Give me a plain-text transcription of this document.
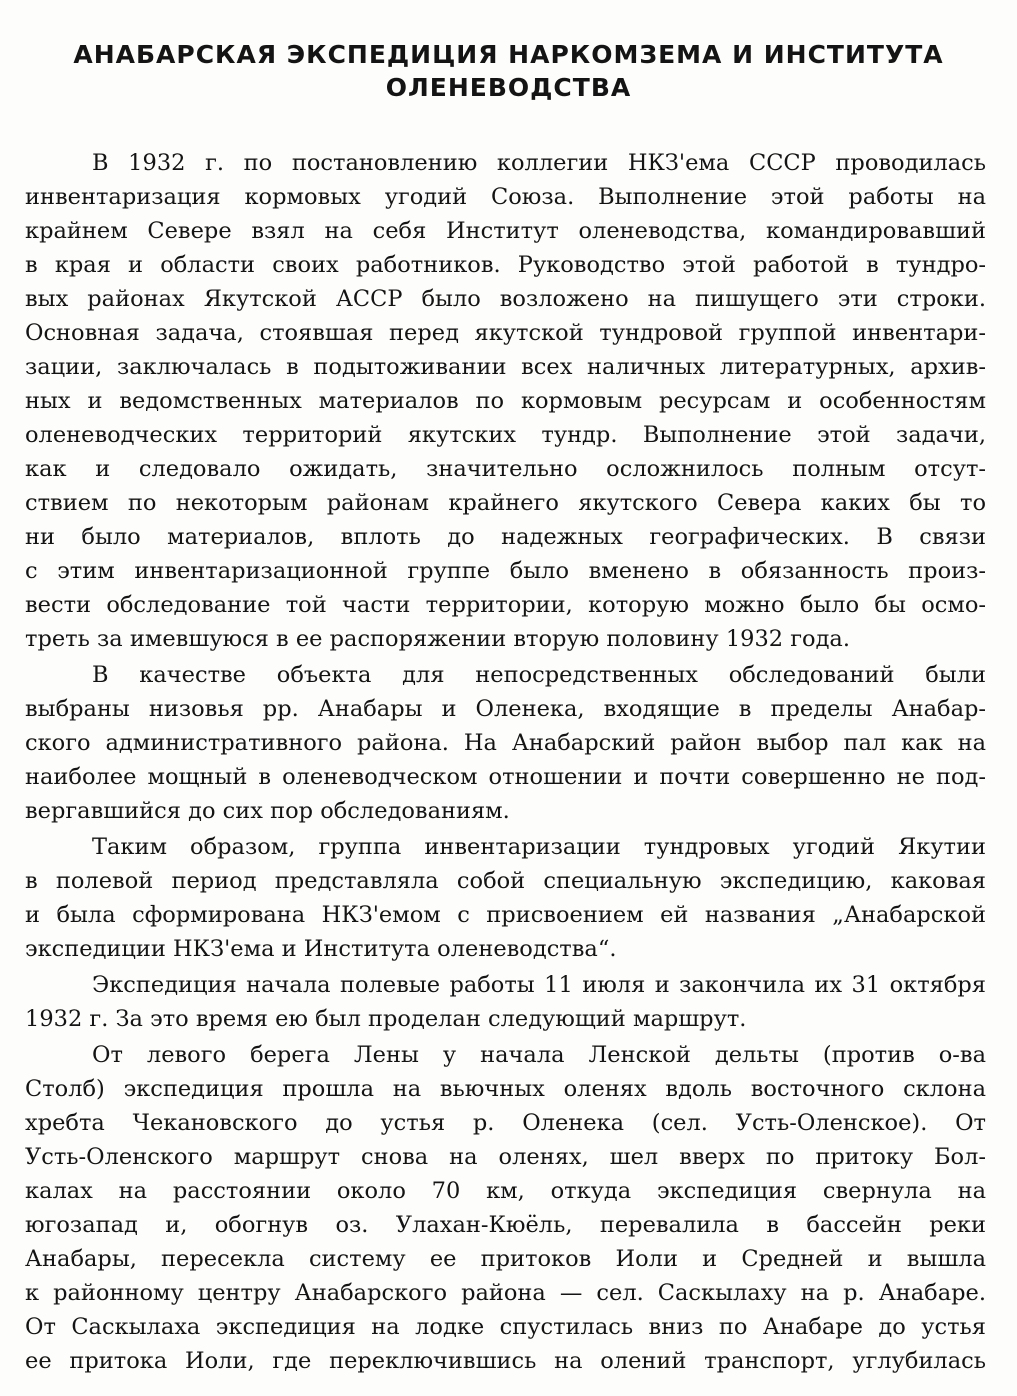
АНАБАРСКАЯ ЭКСПЕДИЦИЯ НАРКОМЗЕМА И ИНСТИТУТА
ОЛЕНЕВОДСТВА
В 1932 г. по постановлению коллегии НКЗ'ема СССР проводилась
инвентаризация кормовых угодий Союза. Выполнение этой работы на
крайнем Севере взял на себя Институт оленеводства, командировавший
в края и области своих работников. Руководство этой работой в тундро-
вых районах Якутской АССР было возложено на пишущего эти строки.
Основная задача, стоявшая перед якутской тундровой группой инвентари-
зации, заключалась в подытоживании всех наличных литературных, архив-
ных и ведомственных материалов по кормовым ресурсам и особенностям
оленеводческих территорий якутских тундр. Выполнение этой задачи,
как и следовало ожидать, значительно осложнилось полным отсут-
ствием по некоторым районам крайнего якутского Севера каких бы то
ни было материалов, вплоть до надежных географических. В связи
с этим инвентаризационной группе было вменено в обязанность произ-
вести обследование той части территории, которую можно было бы осмо-
треть за имевшуюся в ее распоряжении вторую половину 1932 года.
В качестве объекта для непосредственных обследований были
выбраны низовья рр. Анабары и Оленека, входящие в пределы Анабар-
ского административного района. На Анабарский район выбор пал как на
наиболее мощный в оленеводческом отношении и почти совершенно не под-
вергавшийся до сих пор обследованиям.
Таким образом, группа инвентаризации тундровых угодий Якутии
в полевой период представляла собой специальную экспедицию, каковая
и была сформирована НКЗ'емом с присвоением ей названия „Анабарской
экспедиции НКЗ'ема и Института оленеводства“.
Экспедиция начала полевые работы 11 июля и закончила их 31 октября
1932 г. За это время ею был проделан следующий маршрут.
От левого берега Лены у начала Ленской дельты (против о-ва
Столб) экспедиция прошла на вьючных оленях вдоль восточного склона
хребта Чекановского до устья р. Оленека (сел. Усть-Оленское). От
Усть-Оленского маршрут снова на оленях, шел вверх по притоку Бол-
калах на расстоянии около 70 км, откуда экспедиция свернула на
югозапад и, обогнув оз. Улахан-Кюёль, перевалила в бассейн реки
Анабары, пересекла систему ее притоков Иоли и Средней и вышла
к районному центру Анабарского района — сел. Саскылаху на р. Анабаре.
От Саскылаха экспедиция на лодке спустилась вниз по Анабаре до устья
ее притока Иоли, где переключившись на олений транспорт, углубилась
